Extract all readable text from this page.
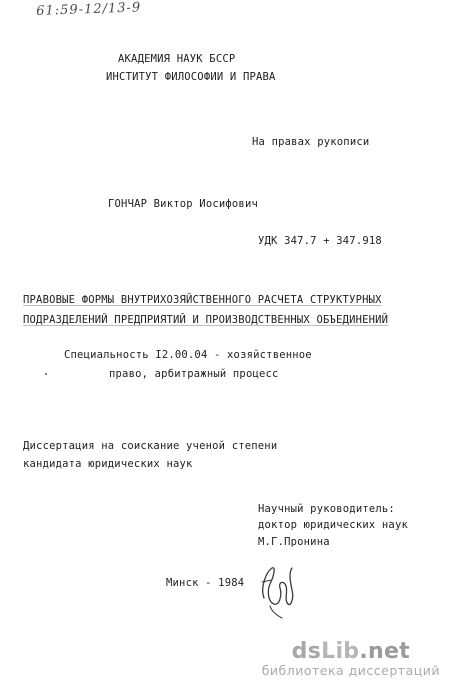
61:59-12/13-9
АКАДЕМИЯ НАУК БССР
ИНСТИТУТ ФИЛОСОФИИ И ПРАВА
На правах рукописи
ГОНЧАР Виктор Иосифович
УДК 347.7 + 347.918
ПРАВОВЫЕ ФОРМЫ ВНУТРИХОЗЯЙСТВЕННОГО РАСЧЕТА СТРУКТУРНЫХ
ПОДРАЗДЕЛЕНИЙ ПРЕДПРИЯТИЙ И ПРОИЗВОДСТВЕННЫХ ОБЪЕДИНЕНИЙ
Специальность I2.00.04 - хозяйственное
право, арбитражный процесс
Диссертация на соискание ученой степени
кандидата юридических наук
Научный руководитель:
доктор юридических наук
М.Г.Пронина
Минск - 1984
dsLib.net
библиотека диссертаций
